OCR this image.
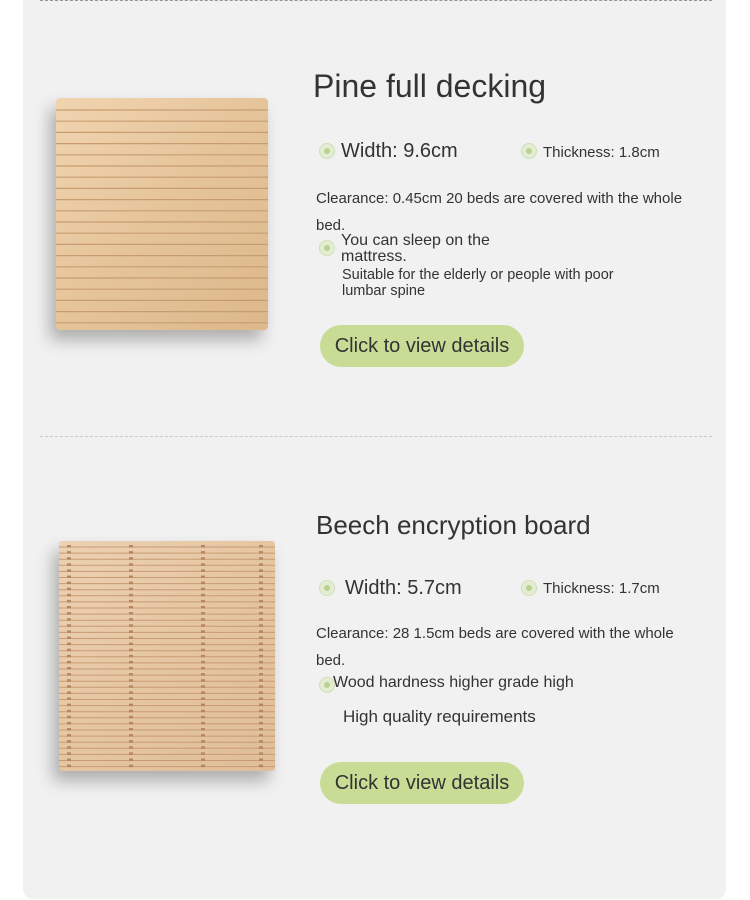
Pine full decking
Width: 9.6cm	Thickness: 1.8cm
Clearance: 0.45cm 20 beds are covered with the whole
bed.
You can sleep on the
mattress.
Suitable for the elderly or people with poor
lumbar spine
Click to view details
Beech encryption board
Width: 5.7cm	Thickness: 1.7cm
Clearance: 28 1.5cm beds are covered with the whole
bed.
Wood hardness higher grade high
High quality requirements
Click to view details
